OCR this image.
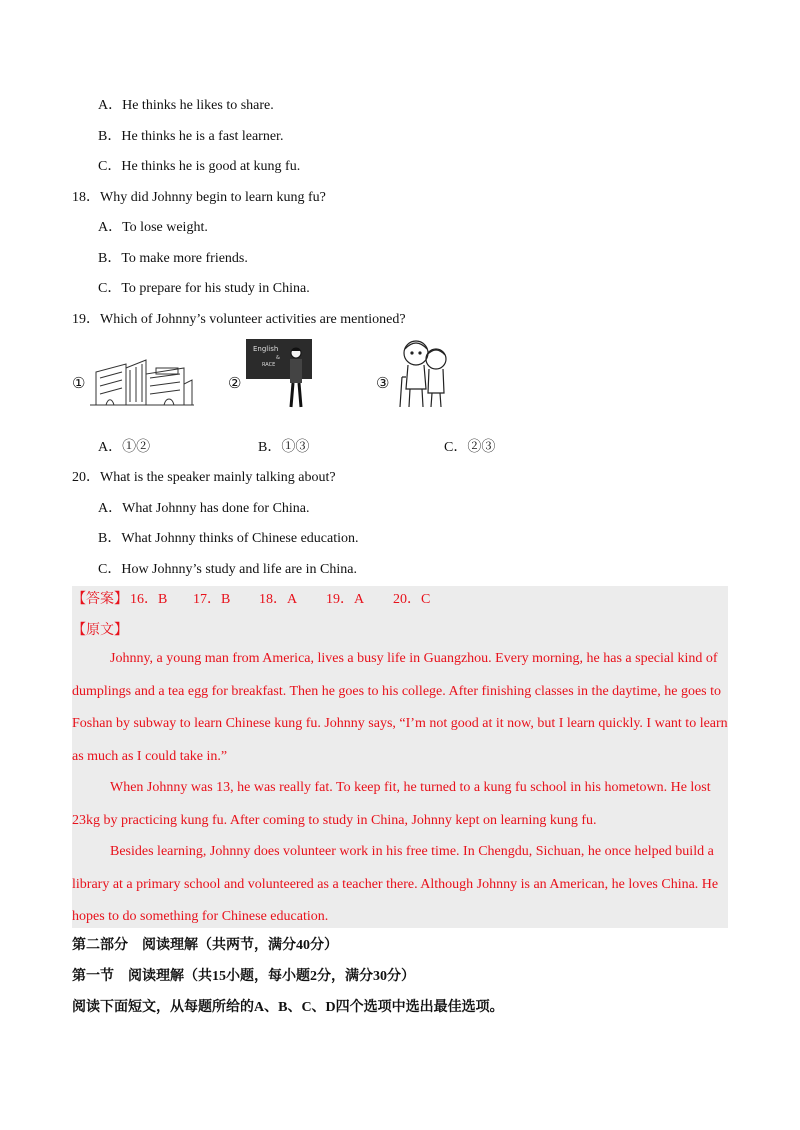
A．He thinks he likes to share.
B．He thinks he is a fast learner.
C．He thinks he is good at kung fu.
18．Why did Johnny begin to learn kung fu?
A．To lose weight.
B．To make more friends.
C．To prepare for his study in China.
19．Which of Johnny’s volunteer activities are mentioned?
①	②
English
&
RACE
③
A．①②	B．①③	C．②③
20．What is the speaker mainly talking about?
A．What Johnny has done for China.
B．What Johnny thinks of Chinese education.
C．How Johnny’s study and life are in China.
【答案】 16．B 17．B 18．A 19．A 20．C
【原文】
Johnny, a young man from America, lives a busy life in Guangzhou. Every morning, he has a special kind of dumplings and a tea egg for breakfast. Then he goes to his college. After finishing classes in the daytime, he goes to Foshan by subway to learn Chinese kung fu. Johnny says, “I’m not good at it now, but I learn quickly. I want to learn as much as I could take in.”
When Johnny was 13, he was really fat. To keep fit, he turned to a kung fu school in his hometown. He lost 23kg by practicing kung fu. After coming to study in China, Johnny kept on learning kung fu.
Besides learning, Johnny does volunteer work in his free time. In Chengdu, Sichuan, he once helped build a library at a primary school and volunteered as a teacher there. Although Johnny is an American, he loves China. He hopes to do something for Chinese education.
第二部分　阅读理解（共两节，满分40分）
第一节　阅读理解（共15小题，每小题2分，满分30分）
阅读下面短文，从每题所给的A、B、C、D四个选项中选出最佳选项。
